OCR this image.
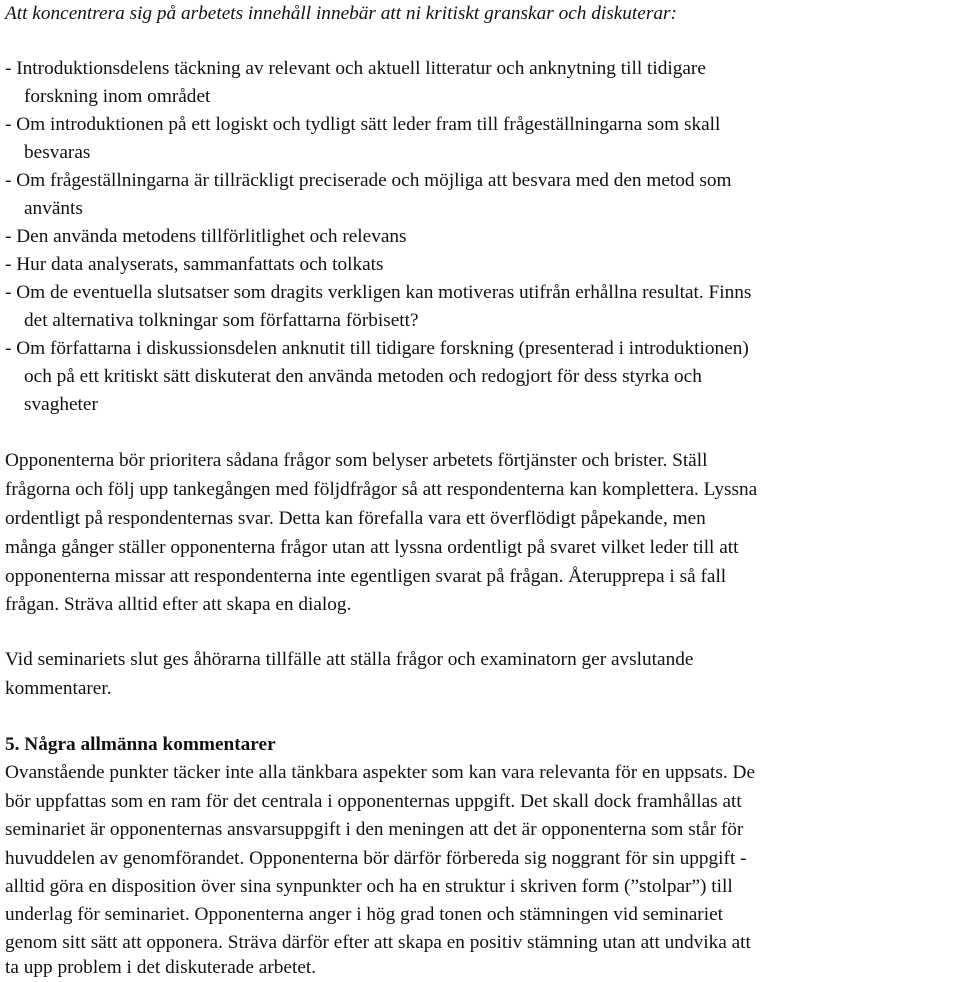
Att koncentrera sig på arbetets innehåll innebär att ni kritiskt granskar och diskuterar:
- Introduktionsdelens täckning av relevant och aktuell litteratur och anknytning till tidigare
forskning inom området
- Om introduktionen på ett logiskt och tydligt sätt leder fram till frågeställningarna som skall
besvaras
- Om frågeställningarna är tillräckligt preciserade och möjliga att besvara med den metod som
använts
- Den använda metodens tillförlitlighet och relevans
- Hur data analyserats, sammanfattats och tolkats
- Om de eventuella slutsatser som dragits verkligen kan motiveras utifrån erhållna resultat. Finns
det alternativa tolkningar som författarna förbisett?
- Om författarna i diskussionsdelen anknutit till tidigare forskning (presenterad i introduktionen)
och på ett kritiskt sätt diskuterat den använda metoden och redogjort för dess styrka och
svagheter
Opponenterna bör prioritera sådana frågor som belyser arbetets förtjänster och brister. Ställ
frågorna och följ upp tankegången med följdfrågor så att respondenterna kan komplettera. Lyssna
ordentligt på respondenternas svar. Detta kan förefalla vara ett överflödigt påpekande, men
många gånger ställer opponenterna frågor utan att lyssna ordentligt på svaret vilket leder till att
opponenterna missar att respondenterna inte egentligen svarat på frågan. Återupprepa i så fall
frågan. Sträva alltid efter att skapa en dialog.
Vid seminariets slut ges åhörarna tillfälle att ställa frågor och examinatorn ger avslutande
kommentarer.
5. Några allmänna kommentarer
Ovanstående punkter täcker inte alla tänkbara aspekter som kan vara relevanta för en uppsats. De
bör uppfattas som en ram för det centrala i opponenternas uppgift. Det skall dock framhållas att
seminariet är opponenternas ansvarsuppgift i den meningen att det är opponenterna som står för
huvuddelen av genomförandet. Opponenterna bör därför förbereda sig noggrant för sin uppgift -
alltid göra en disposition över sina synpunkter och ha en struktur i skriven form (”stolpar”) till
underlag för seminariet. Opponenterna anger i hög grad tonen och stämningen vid seminariet
genom sitt sätt att opponera. Sträva därför efter att skapa en positiv stämning utan att undvika att
ta upp problem i det diskuterade arbetet.
